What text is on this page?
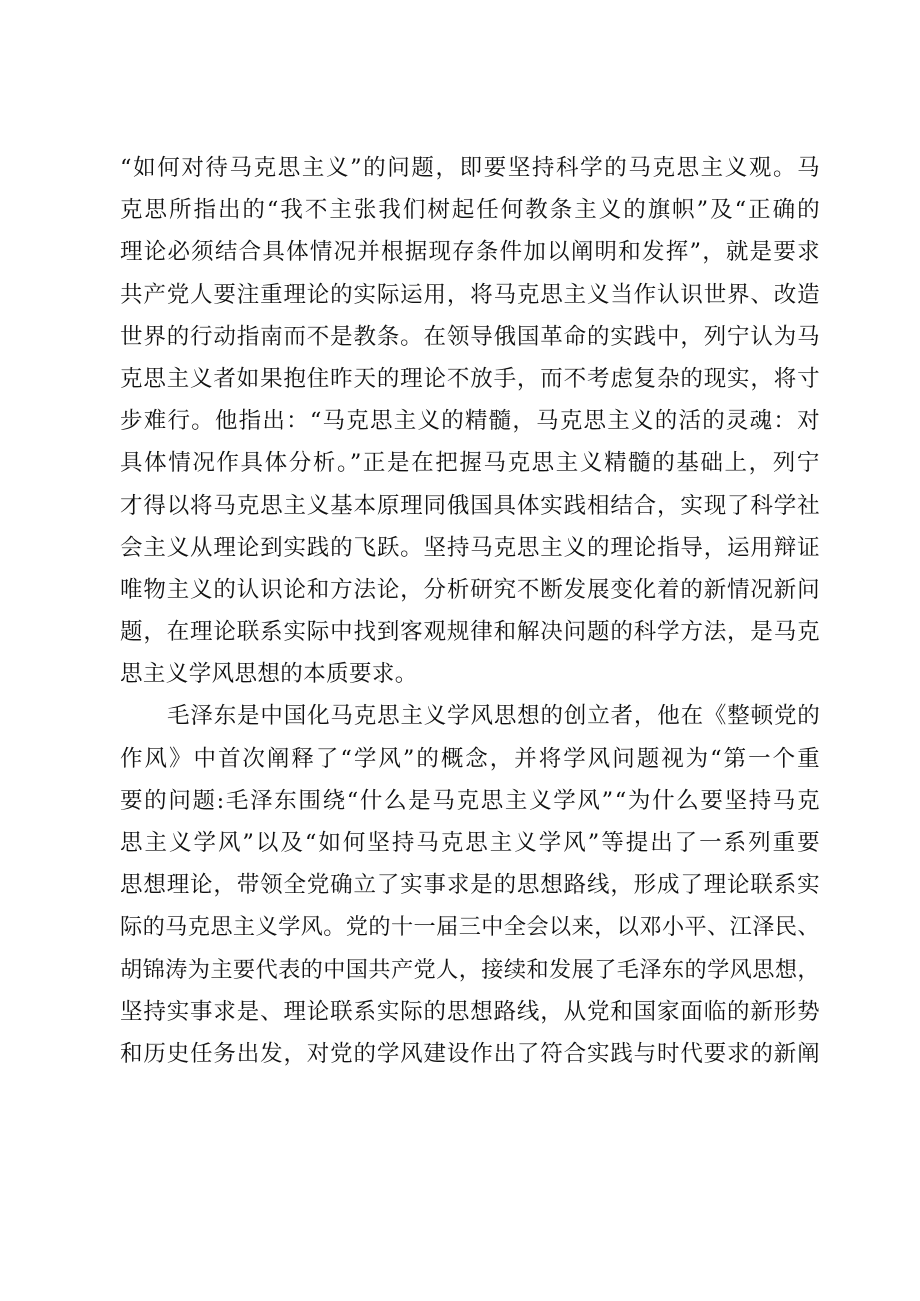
“如何对待马克思主义”的问题，即要坚持科学的马克思主义观。马
克思所指出的“我不主张我们树起任何教条主义的旗帜”及“正确的
理论必须结合具体情况并根据现存条件加以阐明和发挥”，就是要求
共产党人要注重理论的实际运用，将马克思主义当作认识世界、改造
世界的行动指南而不是教条。在领导俄国革命的实践中，列宁认为马
克思主义者如果抱住昨天的理论不放手，而不考虑复杂的现实，将寸
步难行。他指出：“马克思主义的精髓，马克思主义的活的灵魂：对
具体情况作具体分析。”正是在把握马克思主义精髓的基础上，列宁
才得以将马克思主义基本原理同俄国具体实践相结合，实现了科学社
会主义从理论到实践的飞跃。坚持马克思主义的理论指导，运用辩证
唯物主义的认识论和方法论，分析研究不断发展变化着的新情况新问
题，在理论联系实际中找到客观规律和解决问题的科学方法，是马克
思主义学风思想的本质要求。
毛泽东是中国化马克思主义学风思想的创立者，他在《整顿党的
作风》中首次阐释了“学风”的概念，并将学风问题视为“第一个重
要的问题:毛泽东围绕“什么是马克思主义学风”“为什么要坚持马克
思主义学风”以及“如何坚持马克思主义学风”等提出了一系列重要
思想理论，带领全党确立了实事求是的思想路线，形成了理论联系实
际的马克思主义学风。党的十一届三中全会以来，以邓小平、江泽民、
胡锦涛为主要代表的中国共产党人，接续和发展了毛泽东的学风思想，
坚持实事求是、理论联系实际的思想路线，从党和国家面临的新形势
和历史任务出发，对党的学风建设作出了符合实践与时代要求的新阐
